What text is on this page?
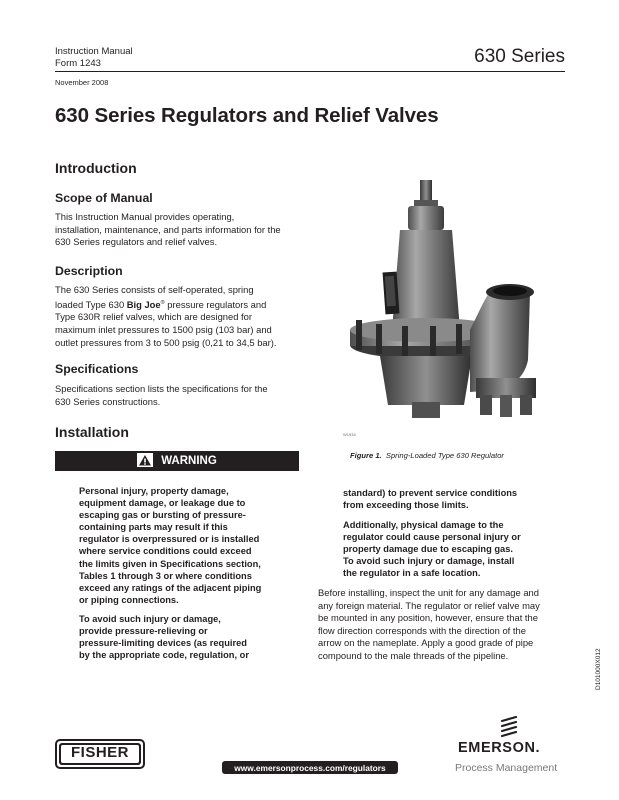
Instruction Manual
Form 1243	630 Series
November 2008
630 Series Regulators and Relief Valves
Introduction
Scope of Manual
This Instruction Manual provides operating,
installation, maintenance, and parts information for the
630 Series regulators and relief valves.
Description
The 630 Series consists of self-operated, spring
loaded Type 630 Big Joe® pressure regulators and
Type 630R relief valves, which are designed for
maximum inlet pressures to 1500 psig (103 bar) and
outlet pressures from 3 to 500 psig (0,21 to 34,5 bar).
Specifications
Specifications section lists the specifications for the
630 Series constructions.
Installation
WARNING
Personal injury, property damage,
equipment damage, or leakage due to
escaping gas or bursting of pressure-
containing parts may result if this
regulator is overpressured or is installed
where service conditions could exceed
the limits given in Specifications section,
Tables 1 through 3 or where conditions
exceed any ratings of the adjacent piping
or piping connections.
To avoid such injury or damage,
provide pressure-relieving or
pressure-limiting devices (as required
by the appropriate code, regulation, or
standard) to prevent service conditions
from exceeding those limits.
Additionally, physical damage to the
regulator could cause personal injury or
property damage due to escaping gas.
To avoid such injury or damage, install
the regulator in a safe location.
Before installing, inspect the unit for any damage and
any foreign material. The regulator or relief valve may
be mounted in any position, however, ensure that the
flow direction corresponds with the direction of the
arrow on the nameplate. Apply a good grade of pipe
compound to the male threads of the pipeline.
W1934
Figure 1. Spring-Loaded Type 630 Regulator
D101000X012
FISHER
www.emersonprocess.com/regulators
EMERSON.
Process Management
